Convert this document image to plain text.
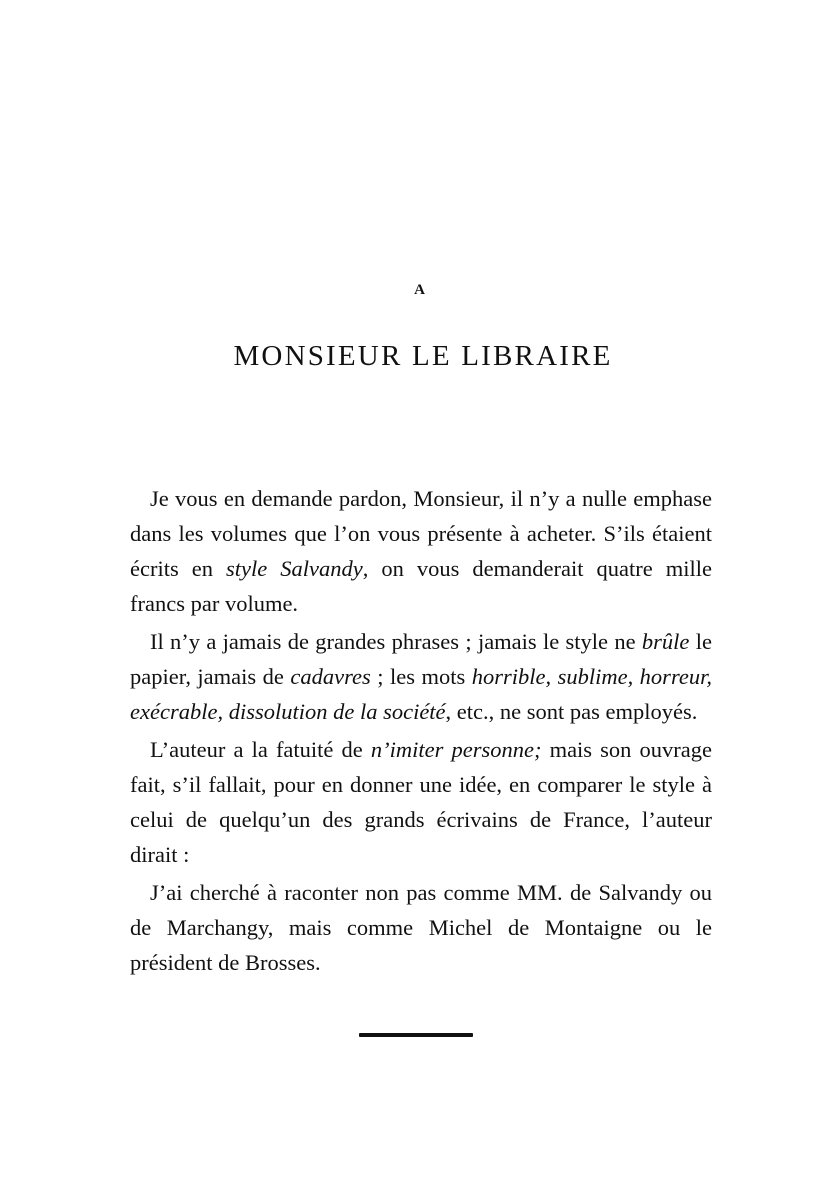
A
MONSIEUR LE LIBRAIRE

Je vous en demande pardon, Monsieur, il n’y a nulle emphase dans les volumes que l’on vous présente à acheter. S’ils étaient écrits en style Salvandy, on vous demanderait quatre mille francs par volume.

Il n’y a jamais de grandes phrases ; jamais le style ne brûle le papier, jamais de cadavres ; les mots horrible, sublime, horreur, exécrable, dissolution de la société, etc., ne sont pas employés.

L’auteur a la fatuité de n’imiter personne; mais son ouvrage fait, s’il fallait, pour en donner une idée, en comparer le style à celui de quelqu’un des grands écrivains de France, l’auteur dirait :

J’ai cherché à raconter non pas comme MM. de Salvandy ou de Marchangy, mais comme Michel de Montaigne ou le président de Brosses.
